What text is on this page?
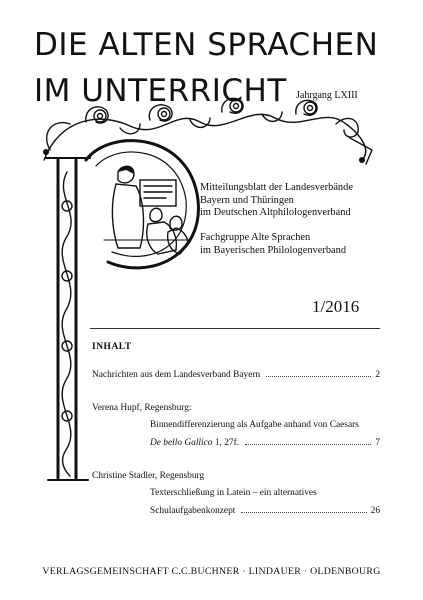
DIE ALTEN SPRACHEN
IM UNTERRICHT Jahrgang LXIII
Mitteilungsblatt der Landesverbände
Bayern und Thüringen
im Deutschen Altphilologenverband
Fachgruppe Alte Sprachen
im Bayerischen Philologenverband
1/2016
INHALT
Nachrichten aus dem Landesverband Bayern	2
Verena Hupf, Regensburg:
Binnendifferenzierung als Aufgabe anhand von Caesars
De bello Gallico 1, 27f.	7
Christine Stadler, Regensburg
Texterschließung in Latein – ein alternatives
Schulaufgabenkonzept	26
VERLAGSGEMEINSCHAFT C.C.BUCHNER · LINDAUER · OLDENBOURG
